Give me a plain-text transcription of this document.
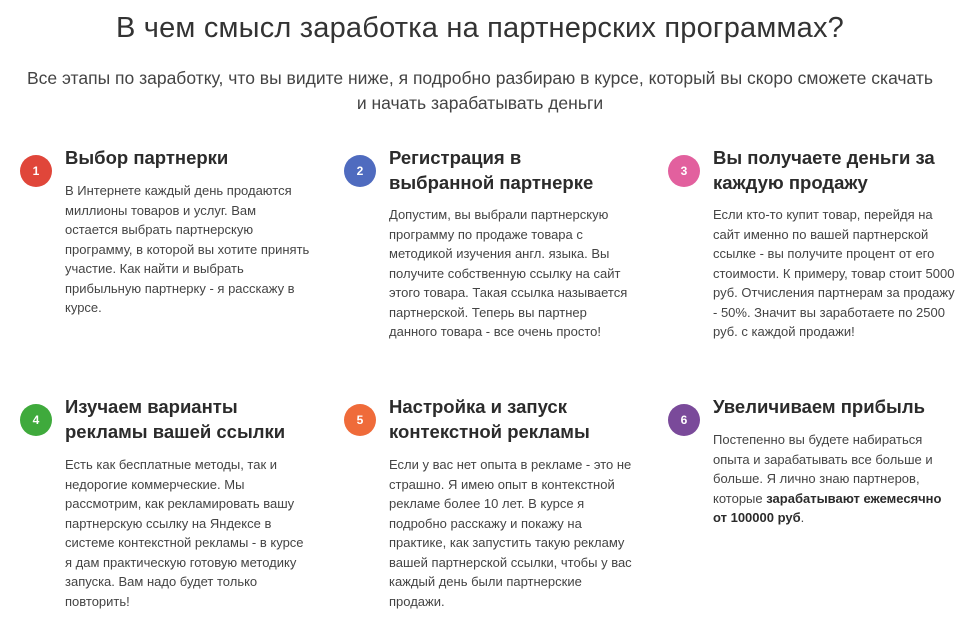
В чем смысл заработка на партнерских программах?

Все этапы по заработку, что вы видите ниже, я подробно разбираю в курсе, который вы скоро сможете скачать и начать зарабатывать деньги

1
Выбор партнерки

В Интернете каждый день продаются миллионы товаров и услуг. Вам остается выбрать партнерскую программу, в которой вы хотите принять участие. Как найти и выбрать прибыльную партнерку - я расскажу в курсе.

2
Регистрация в выбранной партнерке

Допустим, вы выбрали партнерскую программу по продаже товара с методикой изучения англ. языка. Вы получите собственную ссылку на сайт этого товара. Такая ссылка называется партнерской. Теперь вы партнер данного товара - все очень просто!

3
Вы получаете деньги за каждую продажу

Если кто-то купит товар, перейдя на сайт именно по вашей партнерской ссылке - вы получите процент от его стоимости. К примеру, товар стоит 5000 руб. Отчисления партнерам за продажу - 50%. Значит вы заработаете по 2500 руб. с каждой продажи!

4
Изучаем варианты рекламы вашей ссылки

Есть как бесплатные методы, так и недорогие коммерческие. Мы рассмотрим, как рекламировать вашу партнерскую ссылку на Яндексе в системе контекстной рекламы - в курсе я дам практическую готовую методику запуска. Вам надо будет только повторить!

5
Настройка и запуск контекстной рекламы

Если у вас нет опыта в рекламе - это не страшно. Я имею опыт в контекстной рекламе более 10 лет. В курсе я подробно расскажу и покажу на практике, как запустить такую рекламу вашей партнерской ссылки, чтобы у вас каждый день были партнерские продажи.

6
Увеличиваем прибыль

Постепенно вы будете набираться опыта и зарабатывать все больше и больше. Я лично знаю партнеров, которые зарабатывают ежемесячно от 100000 руб.
